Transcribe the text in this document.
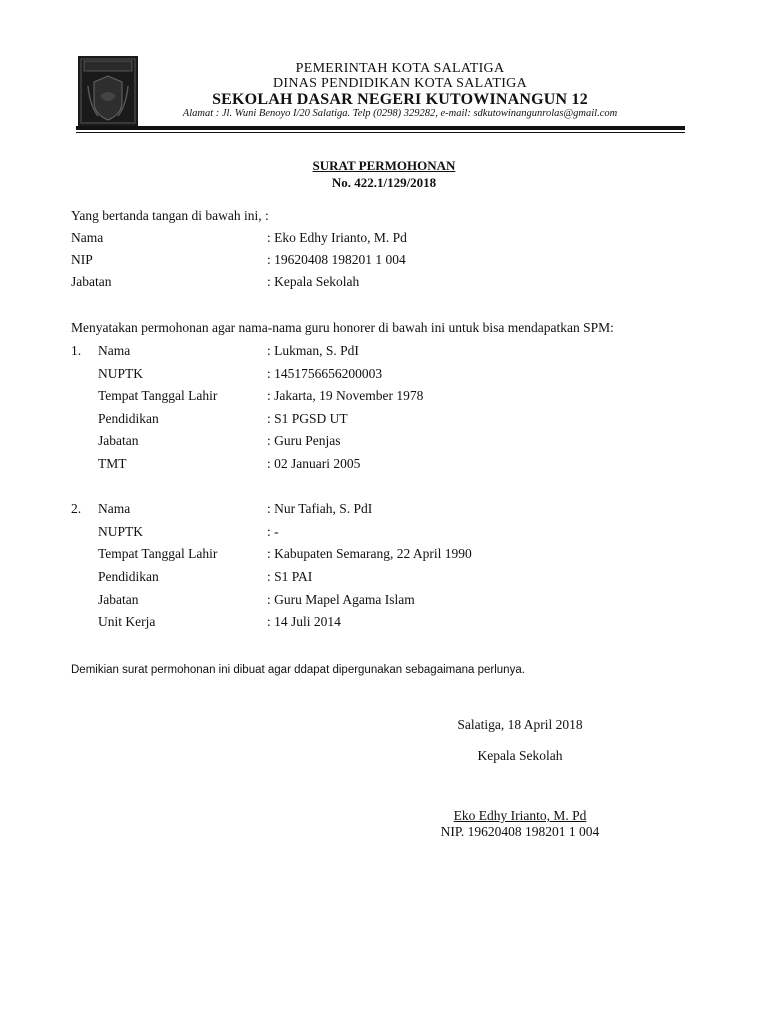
PEMERINTAH KOTA SALATIGA
DINAS PENDIDIKAN KOTA SALATIGA
SEKOLAH DASAR NEGERI KUTOWINANGUN 12
Alamat : Jl. Wuni Benoyo I/20 Salatiga. Telp (0298) 329282, e-mail: sdkutowinangunrolas@gmail.com
SURAT PERMOHONAN
No. 422.1/129/2018
Yang bertanda tangan di bawah ini, :
Nama	: Eko Edhy Irianto, M. Pd
NIP	: 19620408 198201 1 004
Jabatan	: Kepala Sekolah
Menyatakan permohonan agar nama-nama guru honorer di bawah ini untuk bisa mendapatkan SPM:
1. Nama	: Lukman, S. PdI
NUPTK	: 1451756656200003
Tempat Tanggal Lahir	: Jakarta, 19 November 1978
Pendidikan	: S1 PGSD UT
Jabatan	: Guru Penjas
TMT	: 02 Januari 2005
2. Nama	: Nur Tafiah, S. PdI
NUPTK	: -
Tempat Tanggal Lahir	: Kabupaten Semarang, 22 April 1990
Pendidikan	: S1 PAI
Jabatan	: Guru Mapel Agama Islam
Unit Kerja	: 14 Juli 2014
Demikian surat permohonan ini dibuat agar ddapat dipergunakan sebagaimana perlunya.
Salatiga, 18 April 2018
Kepala Sekolah
Eko Edhy Irianto, M. Pd
NIP. 19620408 198201 1 004
